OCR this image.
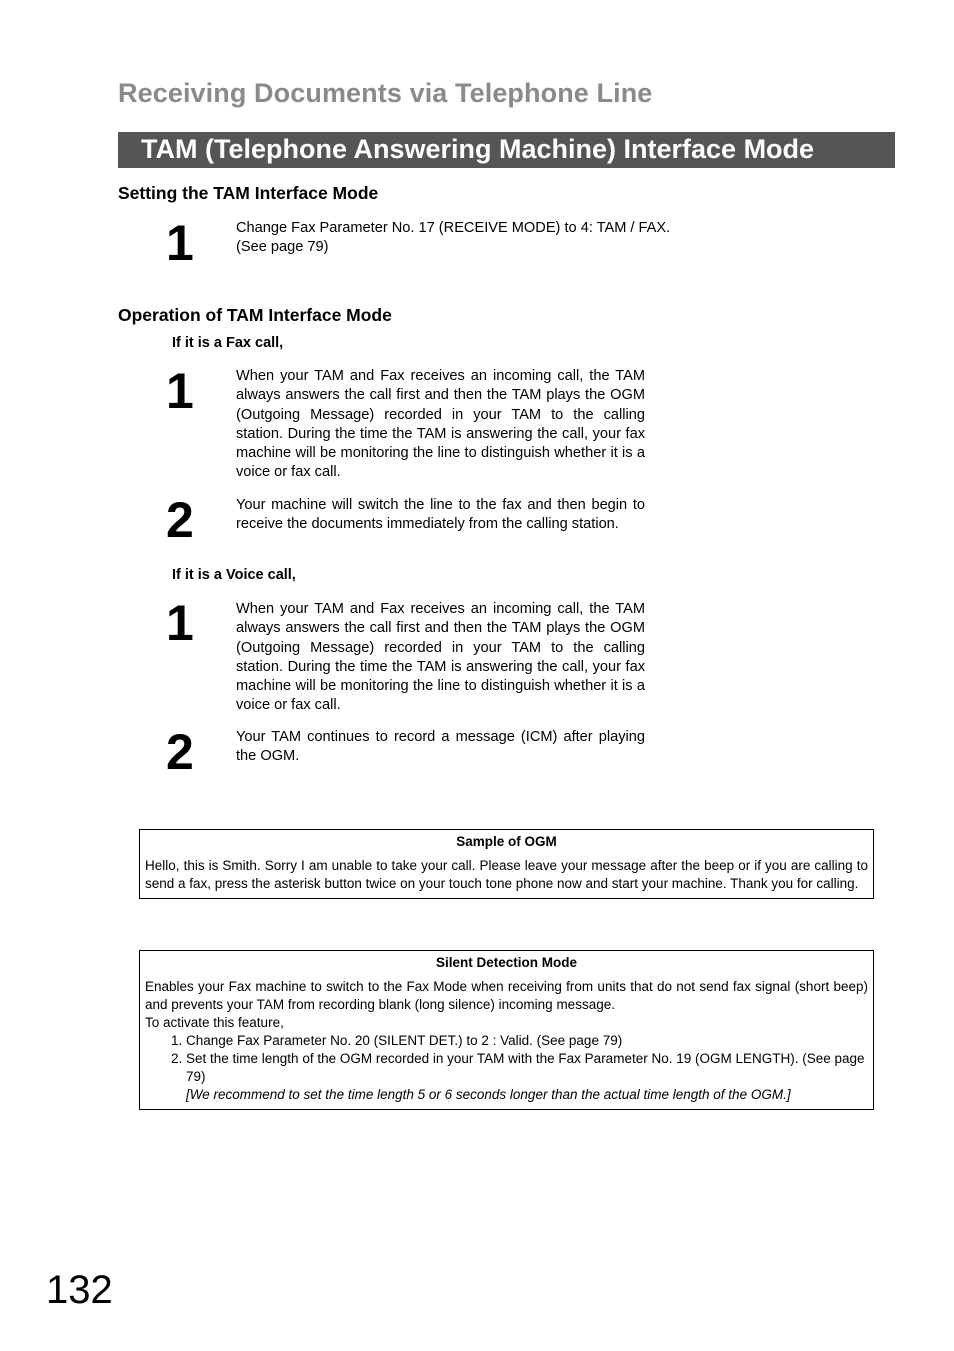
Receiving Documents via Telephone Line
TAM (Telephone Answering Machine) Interface Mode
Setting the TAM Interface Mode
1	Change Fax Parameter No. 17 (RECEIVE MODE) to 4: TAM / FAX.
(See page 79)
Operation of TAM Interface Mode
If it is a Fax call,
1	When your TAM and Fax receives an incoming call, the TAM always answers the call first and then the TAM plays the OGM (Outgoing Message) recorded in your TAM to the calling station. During the time the TAM is answering the call, your fax machine will be monitoring the line to distinguish whether it is a voice or fax call.
2	Your machine will switch the line to the fax and then begin to receive the documents immediately from the calling station.
If it is a Voice call,
1	When your TAM and Fax receives an incoming call, the TAM always answers the call first and then the TAM plays the OGM (Outgoing Message) recorded in your TAM to the calling station. During the time the TAM is answering the call, your fax machine will be monitoring the line to distinguish whether it is a voice or fax call.
2	Your TAM continues to record a message (ICM) after playing the OGM.
Sample of OGM
Hello, this is Smith. Sorry I am unable to take your call. Please leave your message after the beep or if you are calling to send a fax, press the asterisk button twice on your touch tone phone now and start your machine. Thank you for calling.
Silent Detection Mode
Enables your Fax machine to switch to the Fax Mode when receiving from units that do not send fax signal (short beep) and prevents your TAM from recording blank (long silence) incoming message.
To activate this feature,
1. Change Fax Parameter No. 20 (SILENT DET.) to 2 : Valid. (See page 79)
2. Set the time length of the OGM recorded in your TAM with the Fax Parameter No. 19 (OGM LENGTH). (See page 79)
[We recommend to set the time length 5 or 6 seconds longer than the actual time length of the OGM.]
132
